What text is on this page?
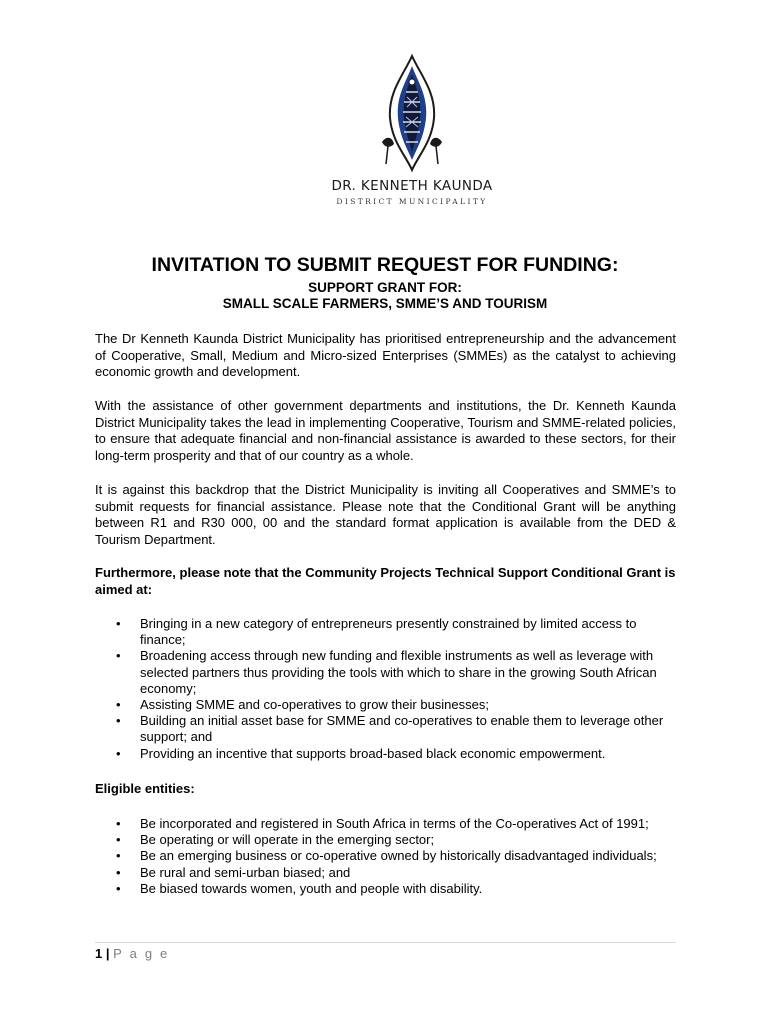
DR. KENNETH KAUNDA
DISTRICT MUNICIPALITY
INVITATION TO SUBMIT REQUEST FOR FUNDING:
SUPPORT GRANT FOR:
SMALL SCALE FARMERS, SMME’S AND TOURISM
The Dr Kenneth Kaunda District Municipality has prioritised entrepreneurship and the advancement of Cooperative, Small, Medium and Micro-sized Enterprises (SMMEs) as the catalyst to achieving economic growth and development.
With the assistance of other government departments and institutions, the Dr. Kenneth Kaunda District Municipality takes the lead in implementing Cooperative, Tourism and SMME-related policies, to ensure that adequate financial and non-financial assistance is awarded to these sectors, for their long-term prosperity and that of our country as a whole.
It is against this backdrop that the District Municipality is inviting all Cooperatives and SMME’s to submit requests for financial assistance. Please note that the Conditional Grant will be anything between R1 and R30 000, 00 and the standard format application is available from the DED & Tourism Department.
Furthermore, please note that the Community Projects Technical Support Conditional Grant is aimed at:
• Bringing in a new category of entrepreneurs presently constrained by limited access to finance;
• Broadening access through new funding and flexible instruments as well as leverage with selected partners thus providing the tools with which to share in the growing South African economy;
• Assisting SMME and co-operatives to grow their businesses;
• Building an initial asset base for SMME and co-operatives to enable them to leverage other support; and
• Providing an incentive that supports broad-based black economic empowerment.
Eligible entities:
• Be incorporated and registered in South Africa in terms of the Co-operatives Act of 1991;
• Be operating or will operate in the emerging sector;
• Be an emerging business or co-operative owned by historically disadvantaged individuals;
• Be rural and semi-urban biased; and
• Be biased towards women, youth and people with disability.
1 | P a g e
